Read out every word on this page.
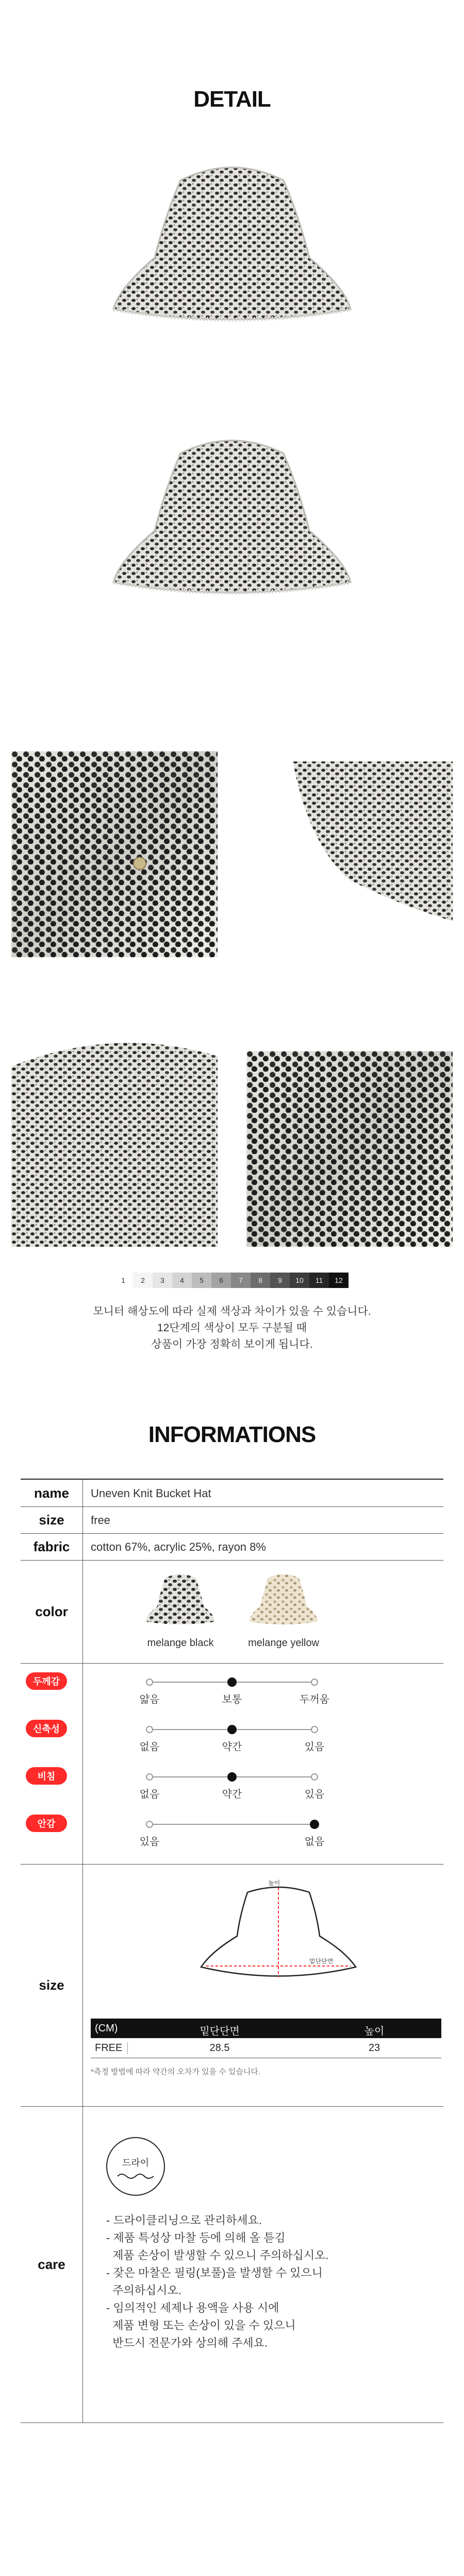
DETAIL
1	2	3	4	5	6	7	8	9	10	11	12
모니터 해상도에 따라 실제 색상과 차이가 있을 수 있습니다.
12단계의 색상이 모두 구분될 때
상품이 가장 정확히 보이게 됩니다.
INFORMATIONS
name	Uneven Knit Bucket Hat
size	free
fabric	cotton 67%, acrylic 25%, rayon 8%
color
melange black	melange yellow
두께감
얇음	보통	두꺼움
신축성
없음	약간	있음
비침
없음	약간	있음
안감
있음	없음
size
높이
밑단단면
(CM)	밑단단면	높이
FREE	28.5	23
*측정 방법에 따라 약간의 오차가 있을 수 있습니다.
care
드라이
- 드라이클리닝으로 관리하세요.
- 제품 특성상 마찰 등에 의해 올 튿김
제품 손상이 발생할 수 있으니 주의하십시오.
- 잦은 마찰은 필링(보풀)을 발생할 수 있으니
주의하십시오.
- 임의적인 세제나 용액을 사용 시에
제품 변형 또는 손상이 있을 수 있으니
반드시 전문가와 상의해 주세요.
